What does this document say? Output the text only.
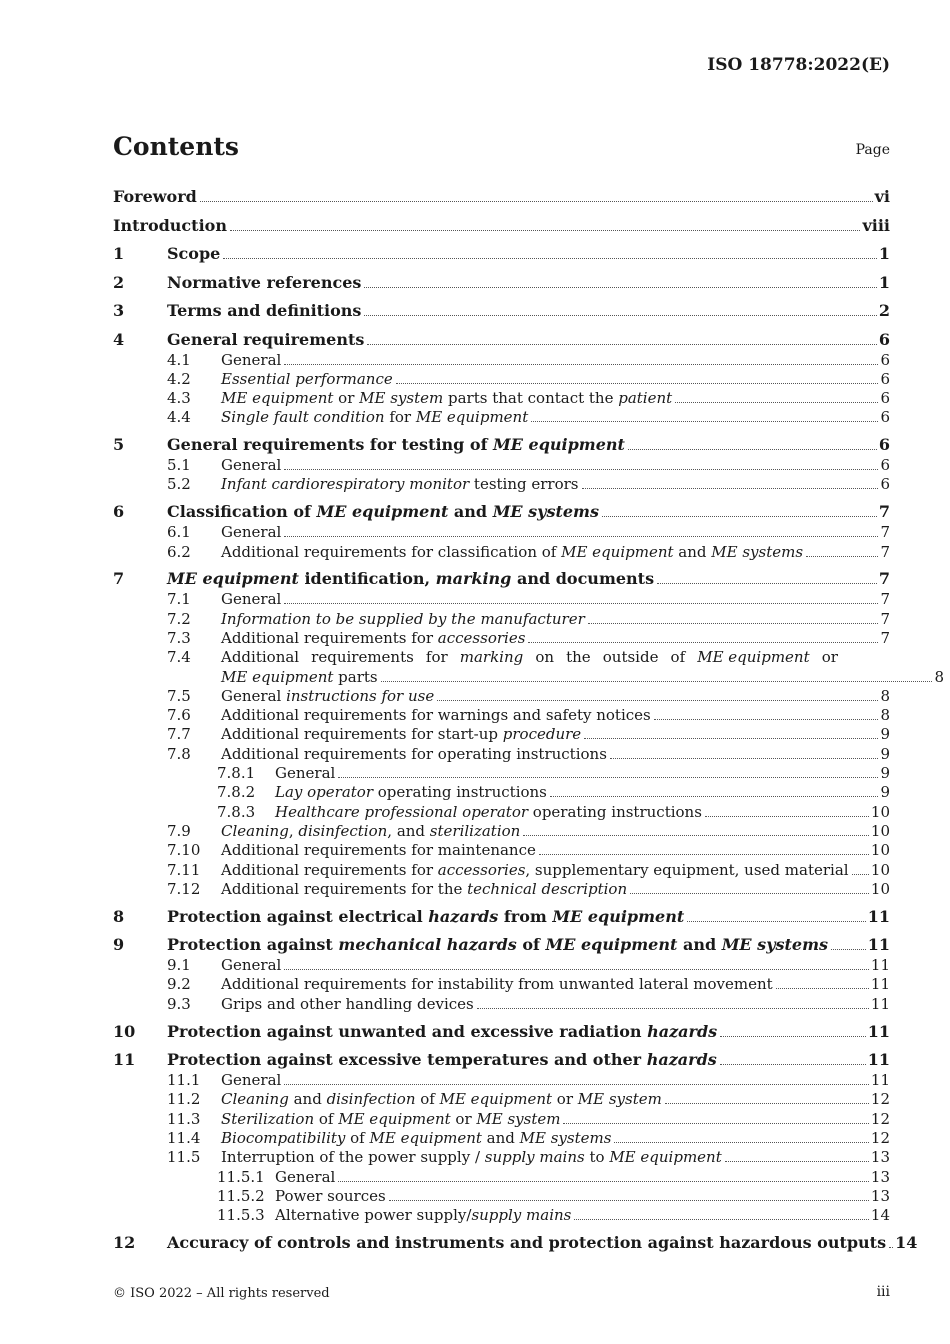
ISO 18778:2022(E)
Contents	Page
Foreword	vi
Introduction	viii
1	Scope	1
2	Normative references	1
3	Terms and definitions	2
4	General requirements	6
4.1	General	6
4.2	Essential performance	6
4.3	ME equipment or ME system parts that contact the patient	6
4.4	Single fault condition for ME equipment	6
5	General requirements for testing of ME equipment	6
5.1	General	6
5.2	Infant cardiorespiratory monitor testing errors	6
6	Classification of ME equipment and ME systems	7
6.1	General	7
6.2	Additional requirements for classification of ME equipment and ME systems	7
7	ME equipment identification, marking and documents	7
7.1	General	7
7.2	Information to be supplied by the manufacturer	7
7.3	Additional requirements for accessories	7
7.4	Additional requirements for marking on the outside of ME equipment or
ME equipment parts	8
7.5	General instructions for use	8
7.6	Additional requirements for warnings and safety notices	8
7.7	Additional requirements for start-up procedure	9
7.8	Additional requirements for operating instructions	9
7.8.1	General	9
7.8.2	Lay operator operating instructions	9
7.8.3	Healthcare professional operator operating instructions	10
7.9	Cleaning, disinfection, and sterilization	10
7.10	Additional requirements for maintenance	10
7.11	Additional requirements for accessories, supplementary equipment, used material 10
7.12	Additional requirements for the technical description	10
8	Protection against electrical hazards from ME equipment	11
9	Protection against mechanical hazards of ME equipment and ME systems 11
9.1	General	11
9.2	Additional requirements for instability from unwanted lateral movement	11
9.3	Grips and other handling devices	11
10	Protection against unwanted and excessive radiation hazards	11
11	Protection against excessive temperatures and other hazards	11
11.1	General	11
11.2	Cleaning and disinfection of ME equipment or ME system	12
11.3	Sterilization of ME equipment or ME system	12
11.4	Biocompatibility of ME equipment and ME systems	12
11.5	Interruption of the power supply / supply mains to ME equipment	13
11.5.1 General	13
11.5.2 Power sources	13
11.5.3 Alternative power supply/supply mains	14
12	Accuracy of controls and instruments and protection against hazardous outputs 14
© ISO 2022 – All rights reserved	iii
